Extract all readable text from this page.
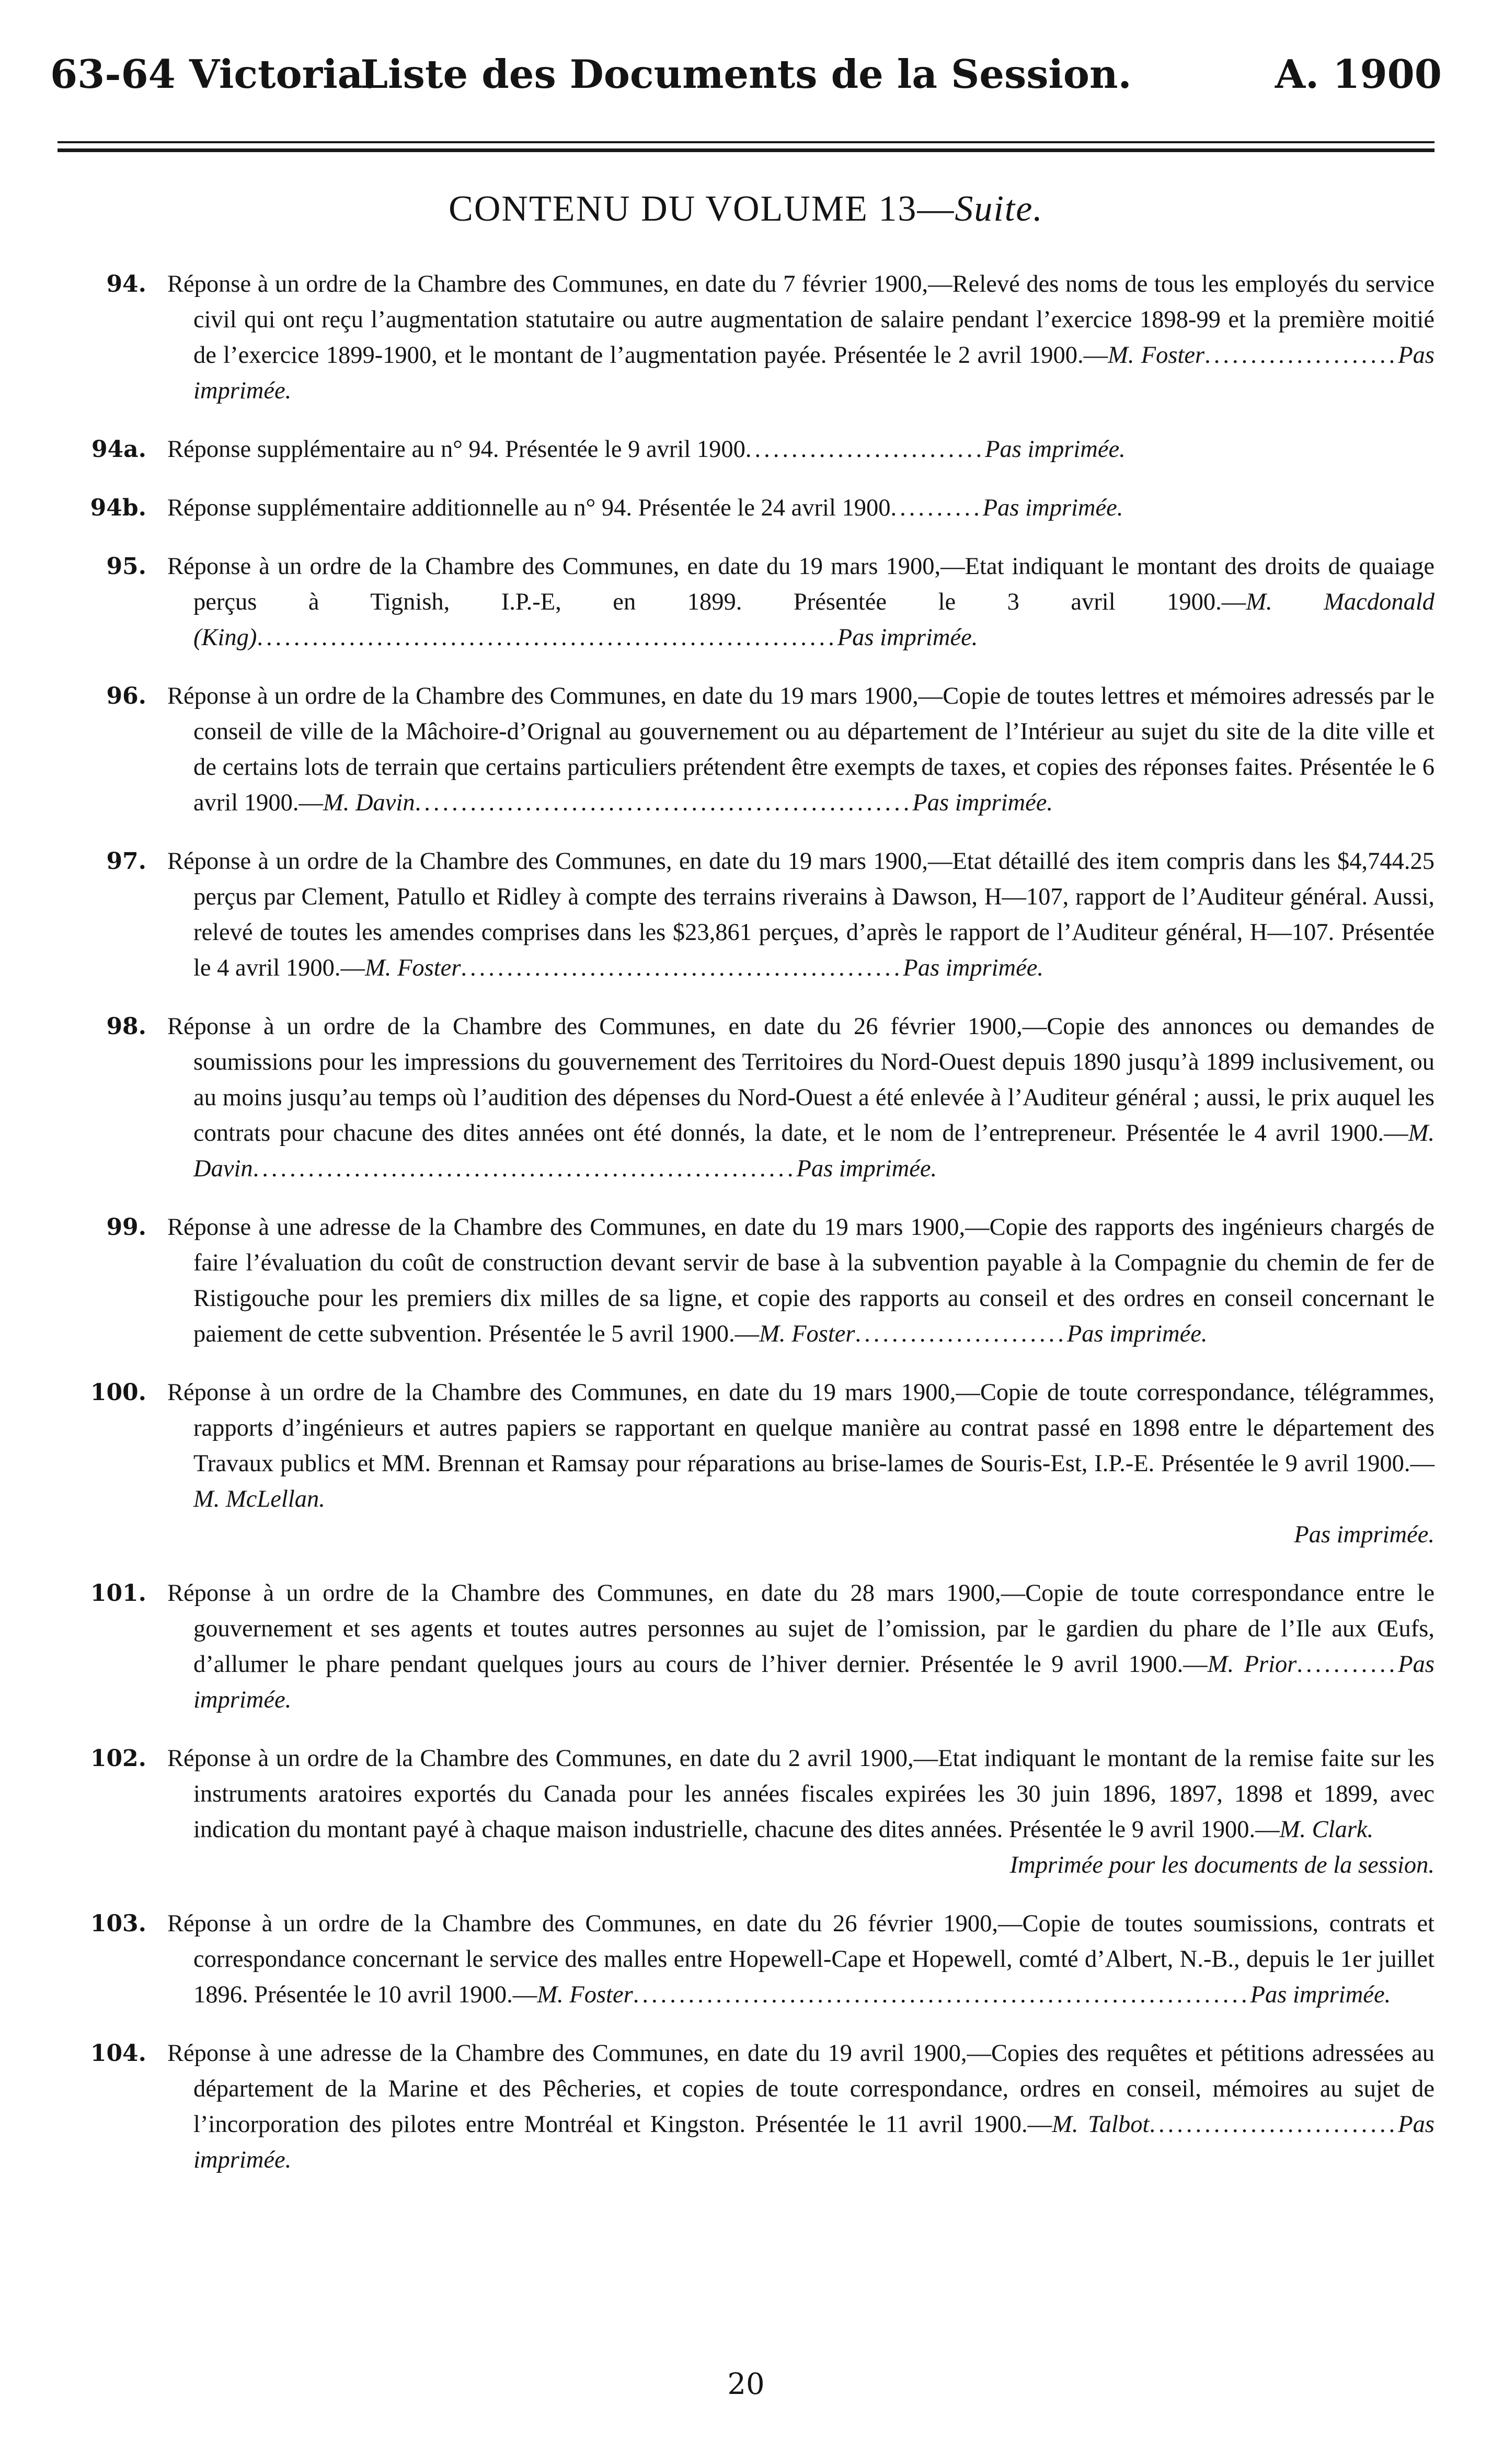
63-64 Victoria.
Liste des Documents de la Session.	A. 1900
CONTENU DU VOLUME 13—Suite.
94. Réponse à un ordre de la Chambre des Communes, en date du 7 février 1900,—Relevé des noms de tous les employés du service civil qui ont reçu l’augmentation statutaire ou autre augmentation de salaire pendant l’exercice 1898-99 et la première moitié de l’exercice 1899-1900, et le montant de l’augmentation payée. Présentée le 2 avril 1900.—M. Foster.....................Pas imprimée.
94a. Réponse supplémentaire au n° 94. Présentée le 9 avril 1900..........................Pas imprimée.
94b. Réponse supplémentaire additionnelle au n° 94. Présentée le 24 avril 1900..........Pas imprimée.
95. Réponse à un ordre de la Chambre des Communes, en date du 19 mars 1900,—Etat indiquant le montant des droits de quaiage perçus à Tignish, I.P.-E, en 1899. Présentée le 3 avril 1900.—M. Macdonald (King)...............................................................Pas imprimée.
96. Réponse à un ordre de la Chambre des Communes, en date du 19 mars 1900,—Copie de toutes lettres et mémoires adressés par le conseil de ville de la Mâchoire-d’Orignal au gouvernement ou au département de l’Intérieur au sujet du site de la dite ville et de certains lots de terrain que certains particuliers prétendent être exempts de taxes, et copies des réponses faites. Présentée le 6 avril 1900.—M. Davin......................................................Pas imprimée.
97. Réponse à un ordre de la Chambre des Communes, en date du 19 mars 1900,—Etat détaillé des item compris dans les $4,744.25 perçus par Clement, Patullo et Ridley à compte des terrains riverains à Dawson, H—107, rapport de l’Auditeur général. Aussi, relevé de toutes les amendes comprises dans les $23,861 perçues, d’après le rapport de l’Auditeur général, H—107. Présentée le 4 avril 1900.—M. Foster................................................Pas imprimée.
98. Réponse à un ordre de la Chambre des Communes, en date du 26 février 1900,—Copie des annonces ou demandes de soumissions pour les impressions du gouvernement des Territoires du Nord-Ouest depuis 1890 jusqu’à 1899 inclusivement, ou au moins jusqu’au temps où l’audition des dépenses du Nord-Ouest a été enlevée à l’Auditeur général ; aussi, le prix auquel les contrats pour chacune des dites années ont été donnés, la date, et le nom de l’entrepreneur. Présentée le 4 avril 1900.—M. Davin...........................................................Pas imprimée.
99. Réponse à une adresse de la Chambre des Communes, en date du 19 mars 1900,—Copie des rapports des ingénieurs chargés de faire l’évaluation du coût de construction devant servir de base à la subvention payable à la Compagnie du chemin de fer de Ristigouche pour les premiers dix milles de sa ligne, et copie des rapports au conseil et des ordres en conseil concernant le paiement de cette subvention. Présentée le 5 avril 1900.—M. Foster.......................Pas imprimée.
100. Réponse à un ordre de la Chambre des Communes, en date du 19 mars 1900,—Copie de toute correspondance, télégrammes, rapports d’ingénieurs et autres papiers se rapportant en quelque manière au contrat passé en 1898 entre le département des Travaux publics et MM. Brennan et Ramsay pour réparations au brise-lames de Souris-Est, I.P.-E. Présentée le 9 avril 1900.—M. McLellan.
Pas imprimée.
101. Réponse à un ordre de la Chambre des Communes, en date du 28 mars 1900,—Copie de toute correspondance entre le gouvernement et ses agents et toutes autres personnes au sujet de l’omission, par le gardien du phare de l’Ile aux Œufs, d’allumer le phare pendant quelques jours au cours de l’hiver dernier. Présentée le 9 avril 1900.—M. Prior...........Pas imprimée.
102. Réponse à un ordre de la Chambre des Communes, en date du 2 avril 1900,—Etat indiquant le montant de la remise faite sur les instruments aratoires exportés du Canada pour les années fiscales expirées les 30 juin 1896, 1897, 1898 et 1899, avec indication du montant payé à chaque maison industrielle, chacune des dites années. Présentée le 9 avril 1900.—M. Clark.
Imprimée pour les documents de la session.
103. Réponse à un ordre de la Chambre des Communes, en date du 26 février 1900,—Copie de toutes soumissions, contrats et correspondance concernant le service des malles entre Hopewell-Cape et Hopewell, comté d’Albert, N.-B., depuis le 1er juillet 1896. Présentée le 10 avril 1900.—M. Foster...................................................................Pas imprimée.
104. Réponse à une adresse de la Chambre des Communes, en date du 19 avril 1900,—Copies des requêtes et pétitions adressées au département de la Marine et des Pêcheries, et copies de toute correspondance, ordres en conseil, mémoires au sujet de l’incorporation des pilotes entre Montréal et Kingston. Présentée le 11 avril 1900.—M. Talbot...........................Pas imprimée.
20
